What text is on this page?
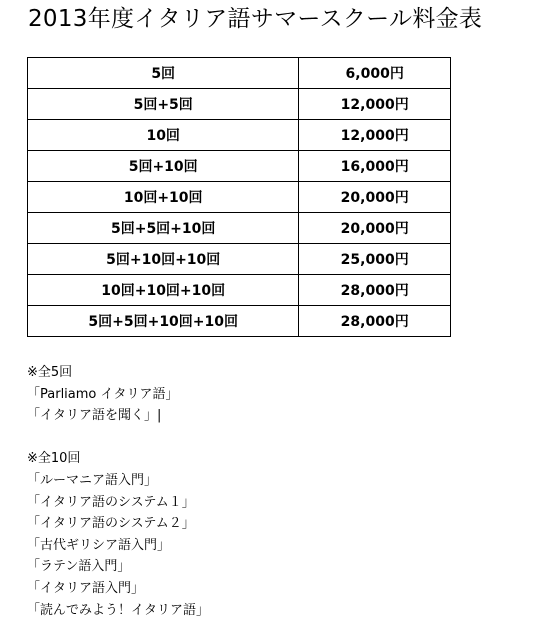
2013年度イタリア語サマースクール料金表
5回	6,000円
5回+5回	12,000円
10回	12,000円
5回+10回	16,000円
10回+10回	20,000円
5回+5回+10回	20,000円
5回+10回+10回	25,000円
10回+10回+10回	28,000円
5回+5回+10回+10回	28,000円
※全5回
「Parliamo イタリア語」
「イタリア語を聞く」|
※全10回
「ルーマニア語入門」
「イタリア語のシステム１」
「イタリア語のシステム２」
「古代ギリシア語入門」
「ラテン語入門」
「イタリア語入門」
「読んでみよう！イタリア語」
